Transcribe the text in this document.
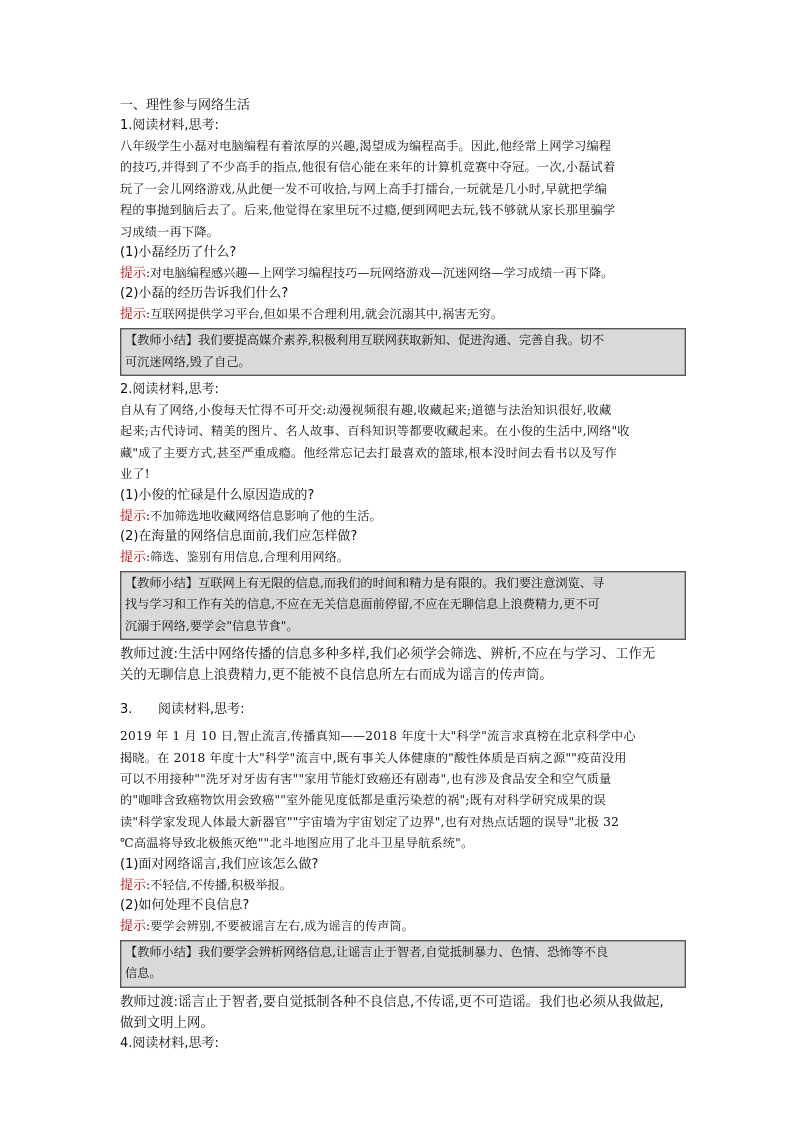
一、理性参与网络生活
1.阅读材料,思考:
八年级学生小磊对电脑编程有着浓厚的兴趣,渴望成为编程高手。因此,他经常上网学习编程
的技巧,并得到了不少高手的指点,他很有信心能在来年的计算机竞赛中夺冠。一次,小磊试着
玩了一会儿网络游戏,从此便一发不可收拾,与网上高手打擂台,一玩就是几小时,早就把学编
程的事抛到脑后去了。后来,他觉得在家里玩不过瘾,便到网吧去玩,钱不够就从家长那里骗学
习成绩一再下降。
(1)小磊经历了什么?
提示:对电脑编程感兴趣—上网学习编程技巧—玩网络游戏—沉迷网络—学习成绩一再下降。
(2)小磊的经历告诉我们什么?
提示:互联网提供学习平台,但如果不合理利用,就会沉溺其中,祸害无穷。
【教师小结】我们要提高媒介素养,积极利用互联网获取新知、促进沟通、完善自我。切不
可沉迷网络,毁了自己。
2.阅读材料,思考:
自从有了网络,小俊每天忙得不可开交:动漫视频很有趣,收藏起来;道德与法治知识很好,收藏
起来;古代诗词、精美的图片、名人故事、百科知识等都要收藏起来。在小俊的生活中,网络"收
藏"成了主要方式,甚至严重成瘾。他经常忘记去打最喜欢的篮球,根本没时间去看书以及写作
业了!
(1)小俊的忙碌是什么原因造成的?
提示:不加筛选地收藏网络信息影响了他的生活。
(2)在海量的网络信息面前,我们应怎样做?
提示:筛选、鉴别有用信息,合理利用网络。
【教师小结】互联网上有无限的信息,而我们的时间和精力是有限的。我们要注意浏览、寻
找与学习和工作有关的信息,不应在无关信息面前停留,不应在无聊信息上浪费精力,更不可
沉溺于网络,要学会"信息节食"。
教师过渡:生活中网络传播的信息多种多样,我们必须学会筛选、辨析,不应在与学习、工作无
关的无聊信息上浪费精力,更不能被不良信息所左右而成为谣言的传声筒。
3. 阅读材料,思考:
2019 年 1 月 10 日,智止流言,传播真知——2018 年度十大"科学"流言求真榜在北京科学中心
揭晓。在 2018 年度十大"科学"流言中,既有事关人体健康的"酸性体质是百病之源""疫苗没用
可以不用接种""洗牙对牙齿有害""家用节能灯致癌还有剧毒",也有涉及食品安全和空气质量
的"咖啡含致癌物饮用会致癌""室外能见度低都是重污染惹的祸";既有对科学研究成果的误
读"科学家发现人体最大新器官""宇宙墙为宇宙划定了边界",也有对热点话题的误导"北极 32
℃高温将导致北极熊灭绝""北斗地图应用了北斗卫星导航系统"。
(1)面对网络谣言,我们应该怎么做?
提示:不轻信,不传播,积极举报。
(2)如何处理不良信息?
提示:要学会辨别,不要被谣言左右,成为谣言的传声筒。
【教师小结】我们要学会辨析网络信息,让谣言止于智者,自觉抵制暴力、色情、恐怖等不良
信息。
教师过渡:谣言止于智者,要自觉抵制各种不良信息,不传谣,更不可造谣。我们也必须从我做起,
做到文明上网。
4.阅读材料,思考:
